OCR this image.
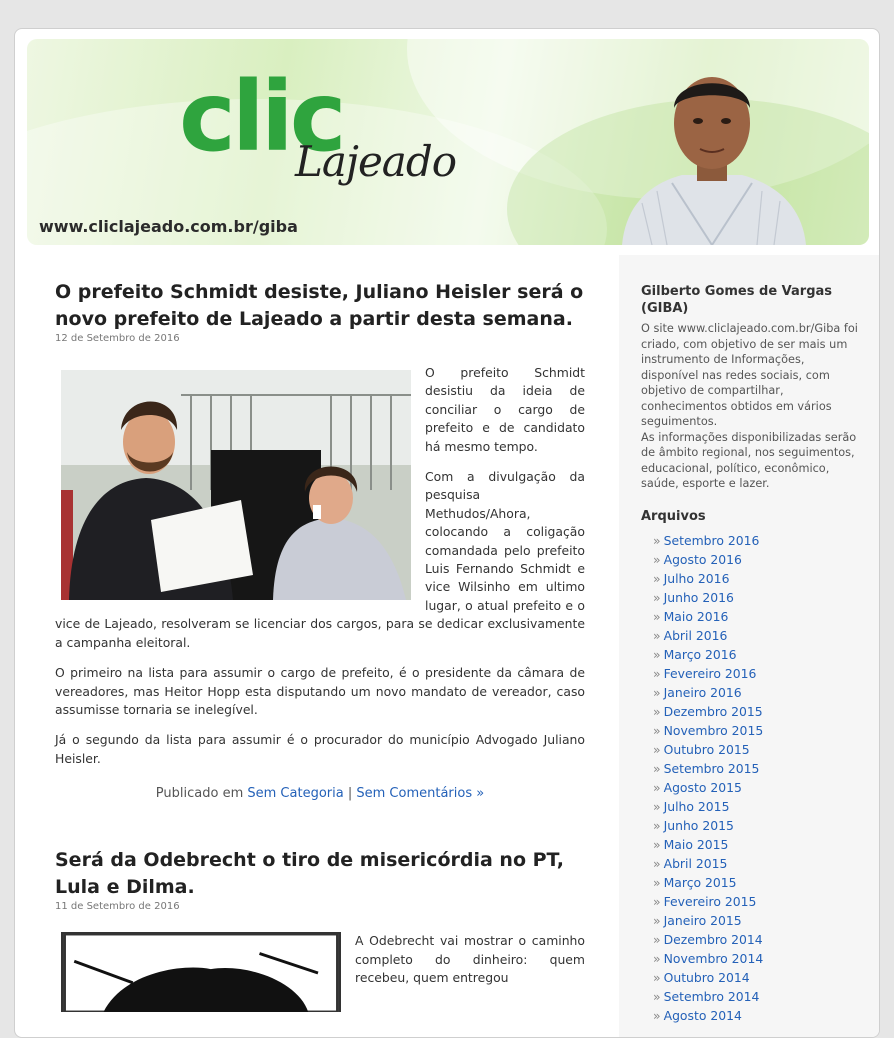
clic
Lajeado
www.cliclajeado.com.br/giba
O prefeito Schmidt desiste, Juliano Heisler será o novo prefeito de Lajeado a partir desta semana.
12 de Setembro de 2016

O prefeito Schmidt desistiu da ideia de conciliar o cargo de prefeito e de candidato há mesmo tempo.

Com a divulgação da pesquisa Methudos/Ahora, colocando a coligação comandada pelo prefeito Luis Fernando Schmidt e vice Wilsinho em ultimo lugar, o atual prefeito e o vice de Lajeado, resolveram se licenciar dos cargos, para se dedicar exclusivamente a campanha eleitoral.

O primeiro na lista para assumir o cargo de prefeito, é o presidente da câmara de vereadores, mas Heitor Hopp esta disputando um novo mandato de vereador, caso assumisse tornaria se inelegível.

Já o segundo da lista para assumir é o procurador do município Advogado Juliano Heisler.

Publicado em Sem Categoria | Sem Comentários »
Será da Odebrecht o tiro de misericórdia no PT, Lula e Dilma.
11 de Setembro de 2016

A Odebrecht vai mostrar o caminho completo do dinheiro: quem recebeu, quem entregou

Gilberto Gomes de Vargas (GIBA)
O site www.cliclajeado.com.br/Giba foi criado, com objetivo de ser mais um instrumento de Informações, disponível nas redes sociais, com objetivo de compartilhar, conhecimentos obtidos em vários seguimentos.
As informações disponibilizadas serão de âmbito regional, nos seguimentos, educacional, político, econômico, saúde, esporte e lazer.
Arquivos
» Setembro 2016
» Agosto 2016
» Julho 2016
» Junho 2016
» Maio 2016
» Abril 2016
» Março 2016
» Fevereiro 2016
» Janeiro 2016
» Dezembro 2015
» Novembro 2015
» Outubro 2015
» Setembro 2015
» Agosto 2015
» Julho 2015
» Junho 2015
» Maio 2015
» Abril 2015
» Março 2015
» Fevereiro 2015
» Janeiro 2015
» Dezembro 2014
» Novembro 2014
» Outubro 2014
» Setembro 2014
» Agosto 2014
